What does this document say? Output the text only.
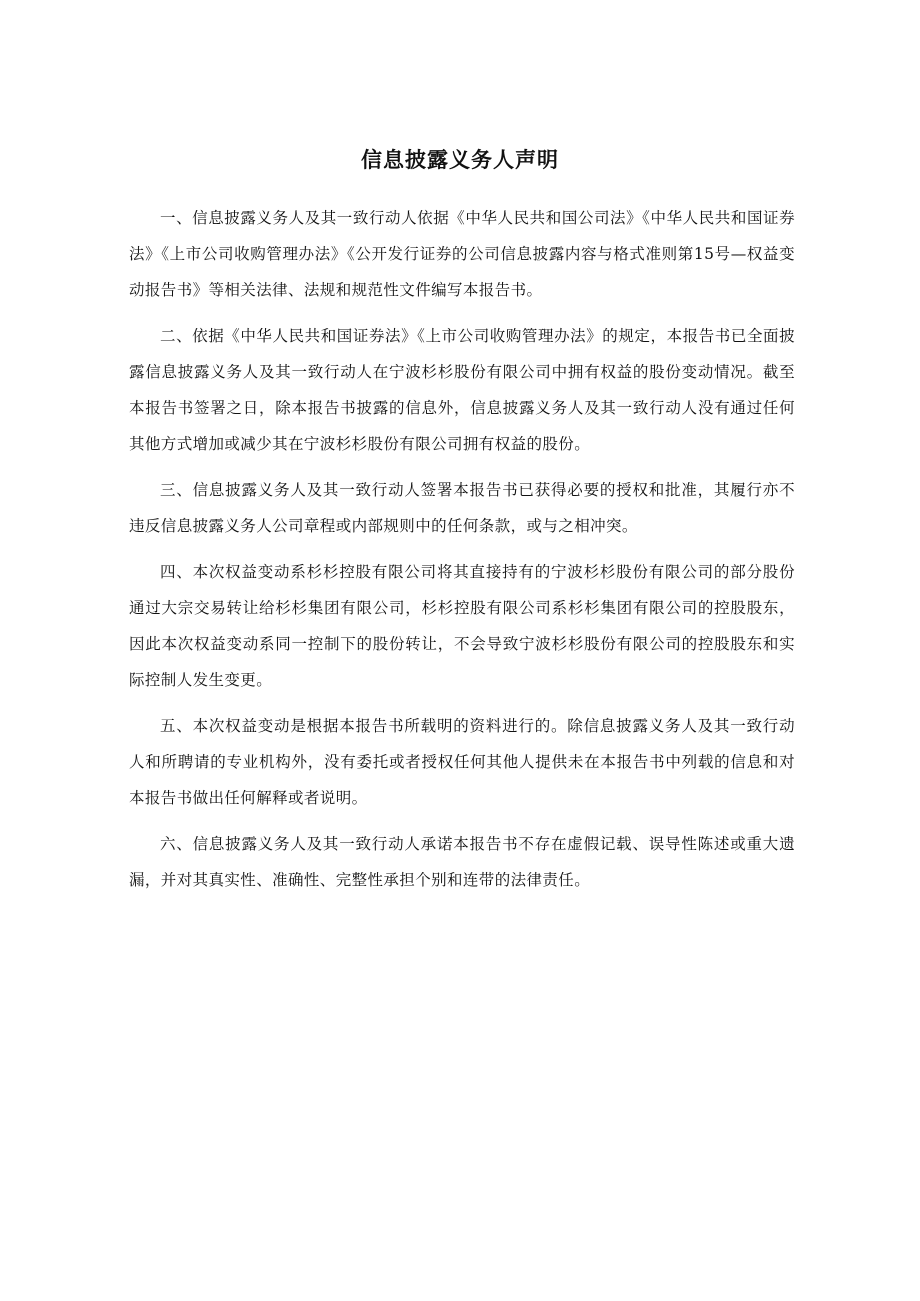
信息披露义务人声明

一、信息披露义务人及其一致行动人依据《中华人民共和国公司法》《中华人民共和国证券法》《上市公司收购管理办法》《公开发行证券的公司信息披露内容与格式准则第15号—权益变动报告书》等相关法律、法规和规范性文件编写本报告书。

二、依据《中华人民共和国证券法》《上市公司收购管理办法》的规定，本报告书已全面披露信息披露义务人及其一致行动人在宁波杉杉股份有限公司中拥有权益的股份变动情况。截至本报告书签署之日，除本报告书披露的信息外，信息披露义务人及其一致行动人没有通过任何其他方式增加或减少其在宁波杉杉股份有限公司拥有权益的股份。

三、信息披露义务人及其一致行动人签署本报告书已获得必要的授权和批准，其履行亦不违反信息披露义务人公司章程或内部规则中的任何条款，或与之相冲突。

四、本次权益变动系杉杉控股有限公司将其直接持有的宁波杉杉股份有限公司的部分股份通过大宗交易转让给杉杉集团有限公司，杉杉控股有限公司系杉杉集团有限公司的控股股东，因此本次权益变动系同一控制下的股份转让，不会导致宁波杉杉股份有限公司的控股股东和实际控制人发生变更。

五、本次权益变动是根据本报告书所载明的资料进行的。除信息披露义务人及其一致行动人和所聘请的专业机构外，没有委托或者授权任何其他人提供未在本报告书中列载的信息和对本报告书做出任何解释或者说明。

六、信息披露义务人及其一致行动人承诺本报告书不存在虚假记载、误导性陈述或重大遗漏，并对其真实性、准确性、完整性承担个别和连带的法律责任。
